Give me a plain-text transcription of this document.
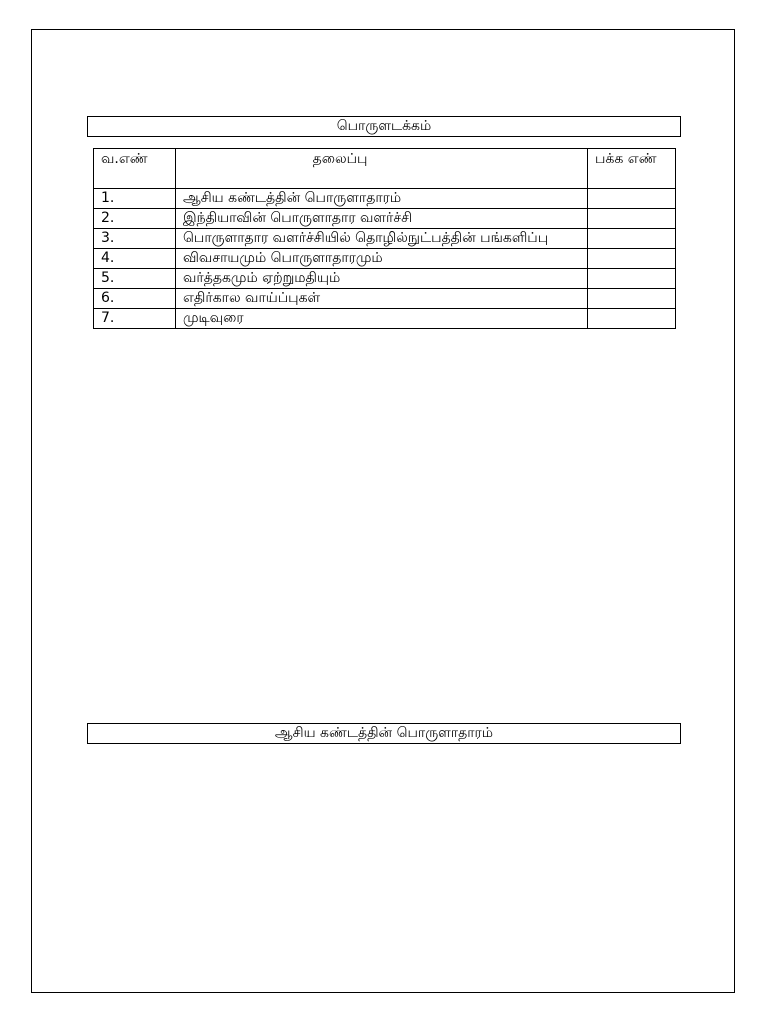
பொருளடக்கம்
வ.எண்	தலைப்பு	பக்க எண்
1.	ஆசிய கண்டத்தின் பொருளாதாரம்	
2.	இந்தியாவின் பொருளாதார வளர்ச்சி	
3.	பொருளாதார வளர்ச்சியில் தொழில்நுட்பத்தின் பங்களிப்பு	
4.	விவசாயமும் பொருளாதாரமும்	
5.	வர்த்தகமும் ஏற்றுமதியும்	
6.	எதிர்கால வாய்ப்புகள்	
7.	முடிவுரை	
ஆசிய கண்டத்தின் பொருளாதாரம்
